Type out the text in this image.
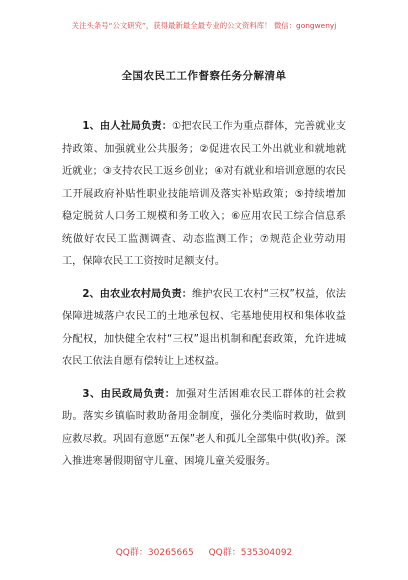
关注头条号“公文研究”，获得最新最全最专业的公文资料库！ 微信：gongwenyj
全国农民工工作督察任务分解清单

1、由人社局负责：①把农民工作为重点群体，完善就业支持政策、加强就业公共服务；②促进农民工外出就业和就地就近就业；③支持农民工返乡创业；④对有就业和培训意愿的农民工开展政府补贴性职业技能培训及落实补贴政策；⑤持续增加稳定脱贫人口务工规模和务工收入；⑥应用农民工综合信息系统做好农民工监测调查、动态监测工作；⑦规范企业劳动用工，保障农民工工资按时足额支付。

2、由农业农村局负责：维护农民工农村“三权”权益，依法保障进城落户农民工的土地承包权、宅基地使用权和集体收益分配权，加快健全农村“三权”退出机制和配套政策，允许进城农民工依法自愿有偿转让上述权益。

3、由民政局负责：加强对生活困难农民工群体的社会救助。落实乡镇临时救助备用金制度，强化分类临时救助，做到应救尽救。巩固有意愿“五保”老人和孤儿全部集中供(收)养。深入推进寒暑假期留守儿童、困境儿童关爱服务。

QQ群：30265665 QQ群：535304092
